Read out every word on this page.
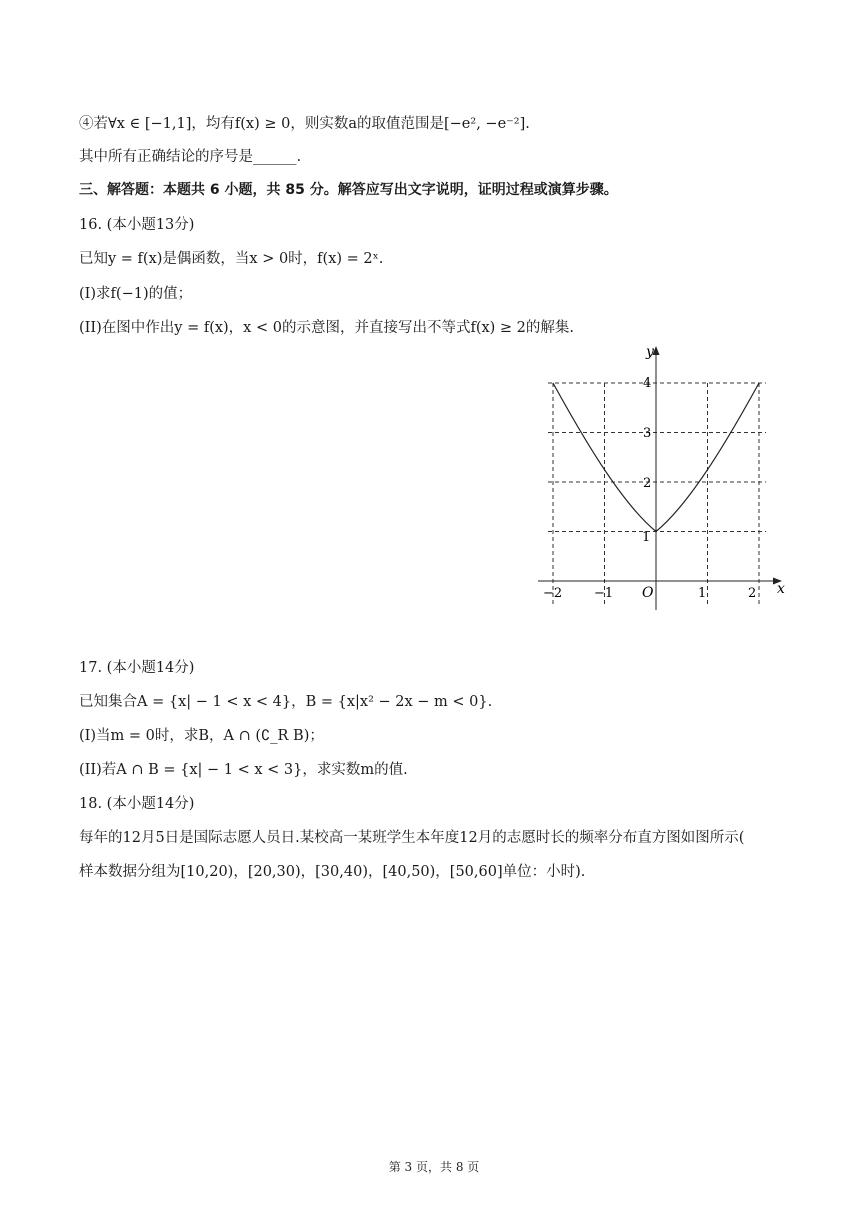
④若∀x ∈ [−1,1]，均有f(x) ≥ 0，则实数a的取值范围是[−e², −e⁻²].
其中所有正确结论的序号是______.
三、解答题：本题共 6 小题，共 85 分。解答应写出文字说明，证明过程或演算步骤。
16. (本小题13分)
已知y = f(x)是偶函数，当x > 0时，f(x) = 2ˣ.
(I)求f(−1)的值；
(II)在图中作出y = f(x)，x < 0的示意图，并直接写出不等式f(x) ≥ 2的解集.
x
y
O
−2 −1	1	2
1
2
3
4
17. (本小题14分)
已知集合A = {x| − 1 < x < 4}，B = {x|x² − 2x − m < 0}.
(I)当m = 0时，求B，A ∩ (∁_R B)；
(II)若A ∩ B = {x| − 1 < x < 3}，求实数m的值.
18. (本小题14分)
每年的12月5日是国际志愿人员日.某校高一某班学生本年度12月的志愿时长的频率分布直方图如图所示(
样本数据分组为[10,20)，[20,30)，[30,40)，[40,50)，[50,60]单位：小时).
第 3 页，共 8 页
